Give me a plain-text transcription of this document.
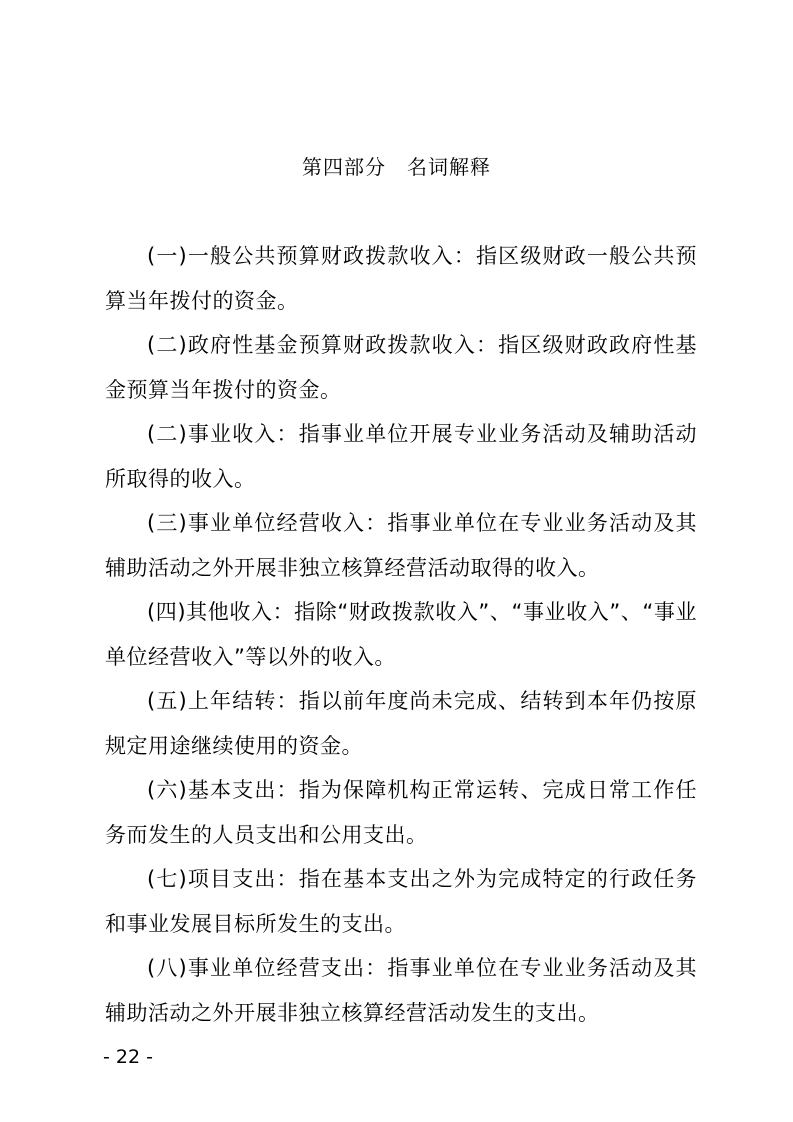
第四部分　名词解释

(一)一般公共预算财政拨款收入：指区级财政一般公共预算当年拨付的资金。

(二)政府性基金预算财政拨款收入：指区级财政政府性基金预算当年拨付的资金。

(二)事业收入：指事业单位开展专业业务活动及辅助活动所取得的收入。

(三)事业单位经营收入：指事业单位在专业业务活动及其辅助活动之外开展非独立核算经营活动取得的收入。

(四)其他收入：指除“财政拨款收入”、“事业收入”、“事业单位经营收入”等以外的收入。

(五)上年结转：指以前年度尚未完成、结转到本年仍按原规定用途继续使用的资金。

(六)基本支出：指为保障机构正常运转、完成日常工作任务而发生的人员支出和公用支出。

(七)项目支出：指在基本支出之外为完成特定的行政任务和事业发展目标所发生的支出。

(八)事业单位经营支出：指事业单位在专业业务活动及其辅助活动之外开展非独立核算经营活动发生的支出。

- 22 -
